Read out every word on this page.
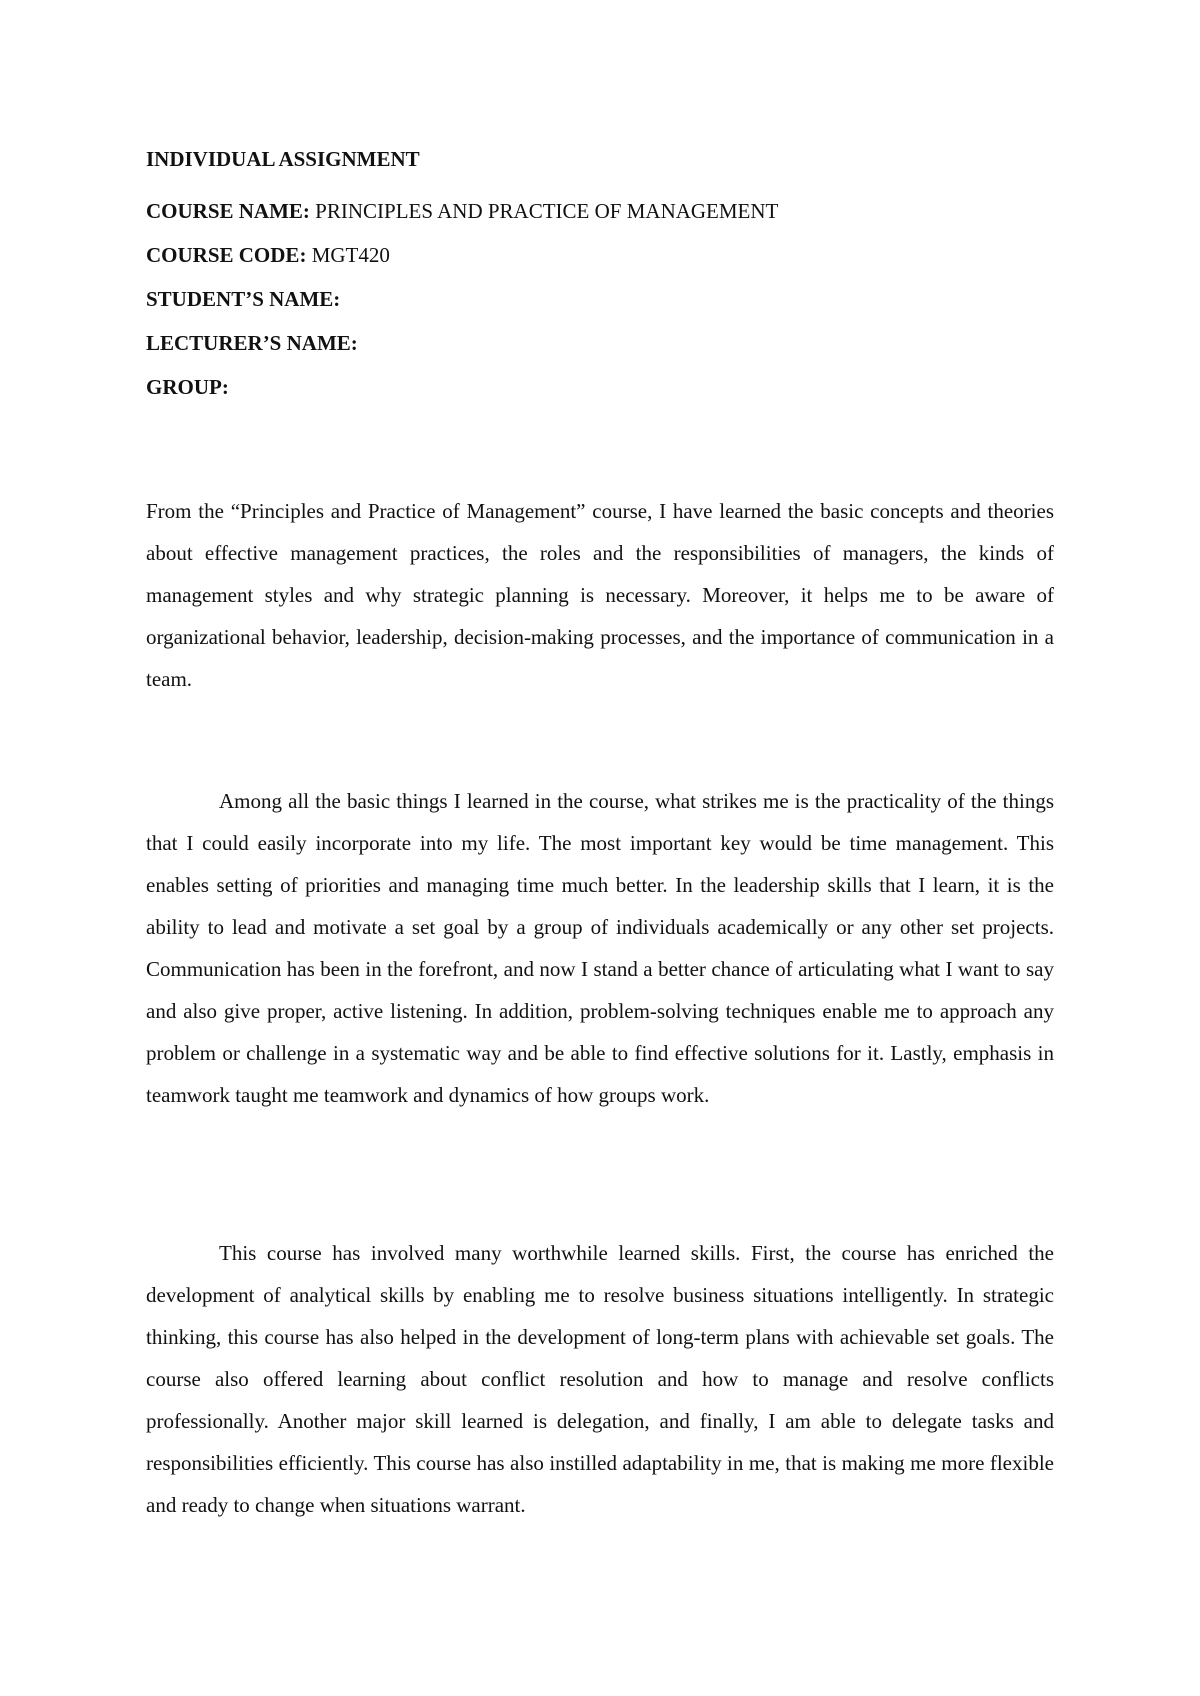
INDIVIDUAL ASSIGNMENT
COURSE NAME: PRINCIPLES AND PRACTICE OF MANAGEMENT
COURSE CODE: MGT420
STUDENT’S NAME:
LECTURER’S NAME:
GROUP:

From the “Principles and Practice of Management” course, I have learned the basic concepts and theories about effective management practices, the roles and the responsibilities of managers, the kinds of management styles and why strategic planning is necessary. Moreover, it helps me to be aware of organizational behavior, leadership, decision-making processes, and the importance of communication in a team.

Among all the basic things I learned in the course, what strikes me is the practicality of the things that I could easily incorporate into my life. The most important key would be time management. This enables setting of priorities and managing time much better. In the leadership skills that I learn, it is the ability to lead and motivate a set goal by a group of individuals academically or any other set projects. Communication has been in the forefront, and now I stand a better chance of articulating what I want to say and also give proper, active listening. In addition, problem-solving techniques enable me to approach any problem or challenge in a systematic way and be able to find effective solutions for it. Lastly, emphasis in teamwork taught me teamwork and dynamics of how groups work.

This course has involved many worthwhile learned skills. First, the course has enriched the development of analytical skills by enabling me to resolve business situations intelligently. In strategic thinking, this course has also helped in the development of long-term plans with achievable set goals. The course also offered learning about conflict resolution and how to manage and resolve conflicts professionally. Another major skill learned is delegation, and finally, I am able to delegate tasks and responsibilities efficiently. This course has also instilled adaptability in me, that is making me more flexible and ready to change when situations warrant.
